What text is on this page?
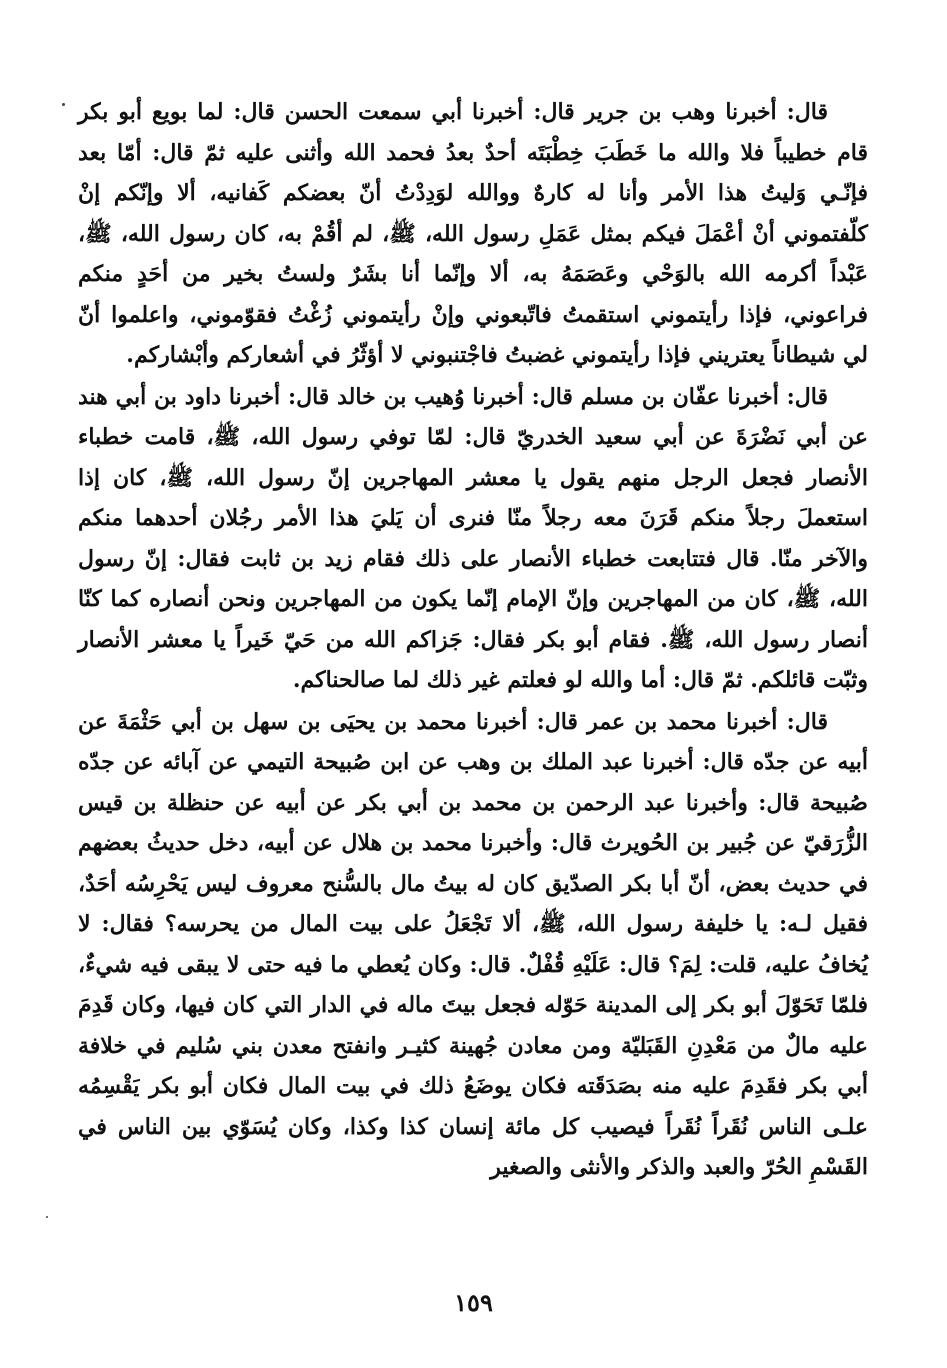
قال: أخبرنا وهب بن جرير قال: أخبرنا أبي سمعت الحسن قال: لما بويع أبو بكر قام خطيباً فلا والله ما خَطَبَ خِطْبَتَه أحدٌ بعدُ فحمد الله وأثنى عليه ثمّ قال: أمّا بعد فإنّـي وَليتُ هذا الأمر وأنا له كارهٌ ووالله لوَدِدْتُ أنّ بعضكم كَفانيه، ألا وإنّكم إنْ كلّفتموني أنْ أعْمَلَ فيكم بمثل عَمَلِ رسول الله، ﷺ، لم أقُمْ به، كان رسول الله، ﷺ، عَبْداً أكرمه الله بالوَحْي وعَصَمَهُ به، ألا وإنّما أنا بشَرٌ ولستُ بخير من أحَدٍ منكم فراعوني، فإذا رأيتموني استقمتُ فاتّبعوني وإنْ رأيتموني زُغْتُ فقوّموني، واعلموا أنّ لي شيطاناً يعتريني فإذا رأيتموني غضبتُ فاجْتنبوني لا أؤثّرُ في أشعاركم وأبْشاركم.

قال: أخبرنا عفّان بن مسلم قال: أخبرنا وُهيب بن خالد قال: أخبرنا داود بن أبي هند عن أبي نَضْرَةَ عن أبي سعيد الخدريّ قال: لمّا توفي رسول الله، ﷺ، قامت خطباء الأنصار فجعل الرجل منهم يقول يا معشر المهاجرين إنّ رسول الله، ﷺ، كان إذا استعملَ رجلاً منكم قَرَنَ معه رجلاً منّا فنرى أن يَليَ هذا الأمر رجُلان أحدهما منكم والآخر منّا. قال فتتابعت خطباء الأنصار على ذلك فقام زيد بن ثابت فقال: إنّ رسول الله، ﷺ، كان من المهاجرين وإنّ الإمام إنّما يكون من المهاجرين ونحن أنصاره كما كنّا أنصار رسول الله، ﷺ. فقام أبو بكر فقال: جَزاكم الله من حَيّ خَيراً يا معشر الأنصار وثبّت قائلكم. ثمّ قال: أما والله لو فعلتم غير ذلك لما صالحناكم.

قال: أخبرنا محمد بن عمر قال: أخبرنا محمد بن يحيَى بن سهل بن أبي حَثْمَةَ عن أبيه عن جدّه قال: أخبرنا عبد الملك بن وهب عن ابن صُبيحة التيمي عن آبائه عن جدّه صُبيحة قال: وأخبرنا عبد الرحمن بن محمد بن أبي بكر عن أبيه عن حنظلة بن قيس الزُّرَقيّ عن جُبير بن الحُويرث قال: وأخبرنا محمد بن هلال عن أبيه، دخل حديثُ بعضهم في حديث بعض، أنّ أبا بكر الصدّيق كان له بيتُ مال بالسُّنح معروف ليس يَحْرِسُه أحَدٌ، فقيل لـه: يا خليفة رسول الله، ﷺ، ألا تَجْعَلُ على بيت المال من يحرسه؟ فقال: لا يُخافُ عليه، قلت: لِمَ؟ قال: عَلَيْهِ قُفْلٌ. قال: وكان يُعطي ما فيه حتى لا يبقى فيه شيءٌ، فلمّا تَحَوّلَ أبو بكر إلى المدينة حَوّله فجعل بيتَ ماله في الدار التي كان فيها، وكان قَدِمَ عليه مالٌ من مَعْدِنِ القَبَليّة ومن معادن جُهينة كثيـر وانفتح معدن بني سُليم في خلافة أبي بكر فقَدِمَ عليه منه بصَدَقَته فكان يوضَعُ ذلك في بيت المال فكان أبو بكر يَقْسِمُه علـى الناس نُقَراً نُقَراً فيصيب كل مائة إنسان كذا وكذا، وكان يُسَوّي بين الناس في القَسْمِ الحُرّ والعبد والذكر والأنثى والصغير

١٥٩
